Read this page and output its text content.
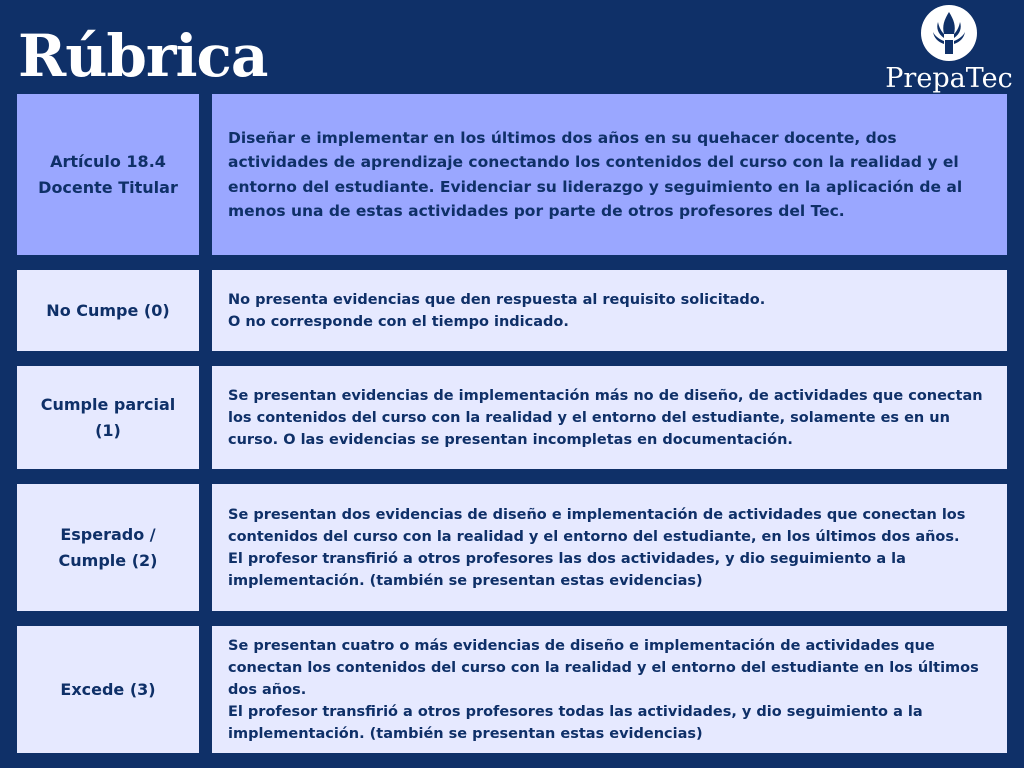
Rúbrica	PrepaTec
Artículo 18.4
Docente Titular
Diseñar e implementar en los últimos dos años en su quehacer docente, dos actividades de aprendizaje conectando los contenidos del curso con la realidad y el entorno del estudiante. Evidenciar su liderazgo y seguimiento en la aplicación de al menos una de estas actividades por parte de otros profesores del Tec.
No Cumpe (0)
No presenta evidencias que den respuesta al requisito solicitado.
O no corresponde con el tiempo indicado.
Cumple parcial
(1)
Se presentan evidencias de implementación más no de diseño, de actividades que conectan los contenidos del curso con la realidad y el entorno del estudiante, solamente es en un curso. O las evidencias se presentan incompletas en documentación.
Esperado /
Cumple (2)
Se presentan dos evidencias de diseño e implementación de actividades que conectan los contenidos del curso con la realidad y el entorno del estudiante, en los últimos dos años.
El profesor transfirió a otros profesores las dos actividades, y dio seguimiento a la implementación. (también se presentan estas evidencias)
Excede (3)
Se presentan cuatro o más evidencias de diseño e implementación de actividades que conectan los contenidos del curso con la realidad y el entorno del estudiante en los últimos dos años.
El profesor transfirió a otros profesores todas las actividades, y dio seguimiento a la implementación. (también se presentan estas evidencias)
